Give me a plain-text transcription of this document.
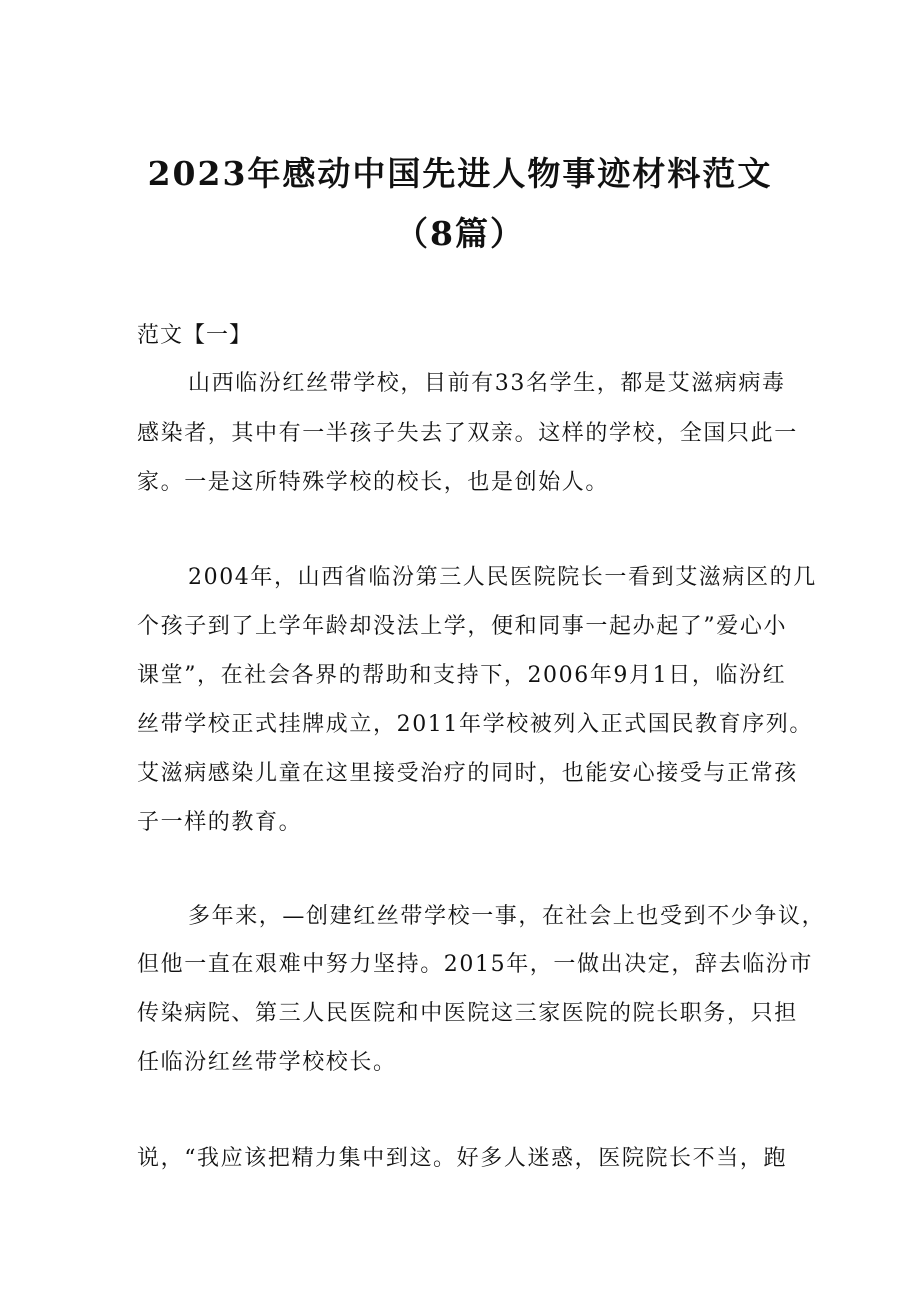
2023年感动中国先进人物事迹材料范文
（8篇）
范文【一】
山西临汾红丝带学校，目前有33名学生，都是艾滋病病毒
感染者，其中有一半孩子失去了双亲。这样的学校，全国只此一
家。一是这所特殊学校的校长，也是创始人。
2004年，山西省临汾第三人民医院院长一看到艾滋病区的几
个孩子到了上学年龄却没法上学，便和同事一起办起了”爱心小
课堂”，在社会各界的帮助和支持下，2006年9月1日，临汾红
丝带学校正式挂牌成立，2011年学校被列入正式国民教育序列。
艾滋病感染儿童在这里接受治疗的同时，也能安心接受与正常孩
子一样的教育。
多年来，—创建红丝带学校一事，在社会上也受到不少争议，
但他一直在艰难中努力坚持。2015年，一做出决定，辞去临汾市
传染病院、第三人民医院和中医院这三家医院的院长职务，只担
任临汾红丝带学校校长。
说，“我应该把精力集中到这。好多人迷惑，医院院长不当，跑
